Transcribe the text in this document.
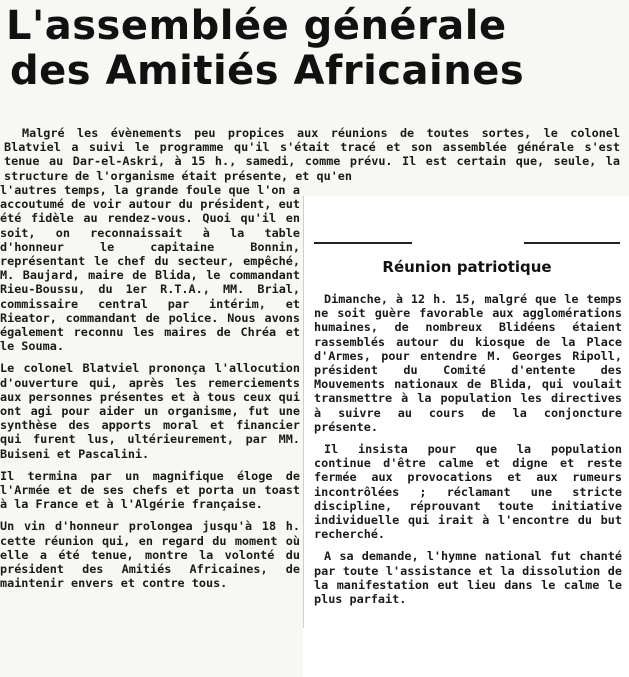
L'assemblée générale
des Amitiés Africaines
Malgré les évènements peu propices aux réunions de toutes sortes, le colonel Blatviel a suivi le programme qu'il s'était tracé et son assemblée générale s'est tenue au Dar-el-Askri, à 15 h., samedi, comme prévu. Il est certain que, seule, la structure de l'organisme était présente, et qu'en

l'autres temps, la grande foule que l'on a accoutumé de voir autour du président, eut été fidèle au rendez-vous. Quoi qu'il en soit, on reconnaissait à la table d'honneur le capitaine Bonnin, représentant le chef du secteur, empêché, M. Baujard, maire de Blida, le commandant Rieu-Boussu, du 1er R.T.A., MM. Brial, commissaire central par intérim, et Rieator, commandant de police. Nous avons également reconnu les maires de Chréa et le Souma.

Le colonel Blatviel prononça l'allocution d'ouverture qui, après les remerciements aux personnes présentes et à tous ceux qui ont agi pour aider un organisme, fut une synthèse des apports moral et financier qui furent lus, ultérieurement, par MM. Buiseni et Pascalini.

Il termina par un magnifique éloge de l'Armée et de ses chefs et porta un toast à la France et à l'Algérie française.

Un vin d'honneur prolongea jusqu'à 18 h. cette réunion qui, en regard du moment où elle a été tenue, montre la volonté du président des Amitiés Africaines, de maintenir envers et contre tous.

Réunion patriotique

Dimanche, à 12 h. 15, malgré que le temps ne soit guère favorable aux agglomérations humaines, de nombreux Blidéens étaient rassemblés autour du kiosque de la Place d'Armes, pour entendre M. Georges Ripoll, président du Comité d'entente des Mouvements nationaux de Blida, qui voulait transmettre à la population les directives à suivre au cours de la conjoncture présente.

Il insista pour que la population continue d'être calme et digne et reste fermée aux provocations et aux rumeurs incontrôlées ; réclamant une stricte discipline, réprouvant toute initiative individuelle qui irait à l'encontre du but recherché.

A sa demande, l'hymne national fut chanté par toute l'assistance et la dissolution de la manifestation eut lieu dans le calme le plus parfait.
